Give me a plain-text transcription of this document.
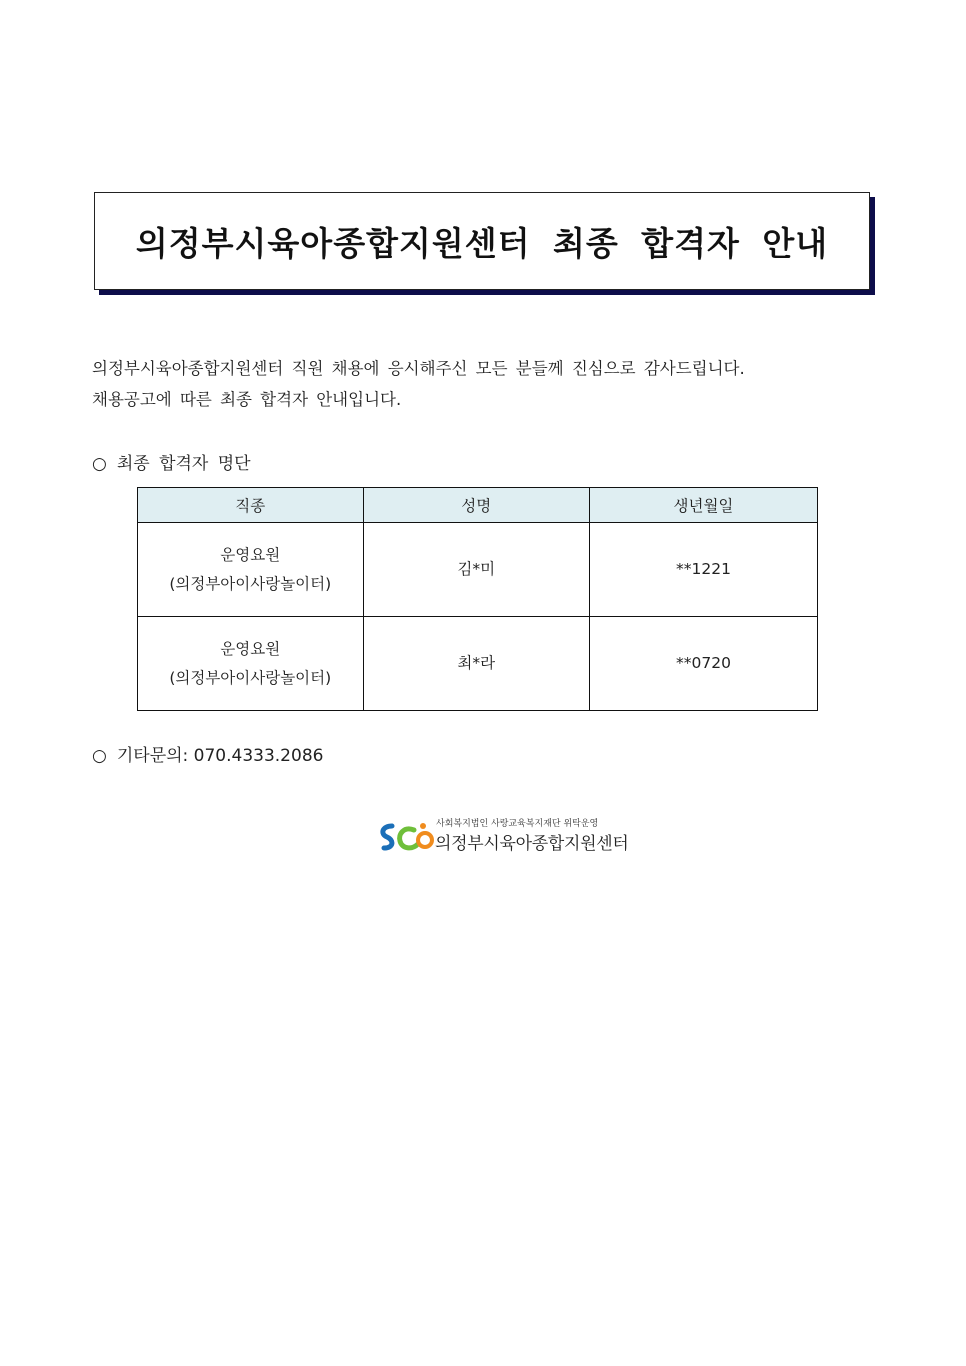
의정부시육아종합지원센터 최종 합격자 안내

의정부시육아종합지원센터 직원 채용에 응시해주신 모든 분들께 진심으로 감사드립니다.

채용공고에 따른 최종 합격자 안내입니다.

○ 최종 합격자 명단
직종	성명	생년월일

운영요원
(의정부아이사랑놀이터)	김*미	**1221

운영요원
(의정부아이사랑놀이터)	최*라	**0720
○ 기타문의: 070.4333.2086
사회복지법인 사랑교육복지재단 위탁운영
의정부시육아종합지원센터
